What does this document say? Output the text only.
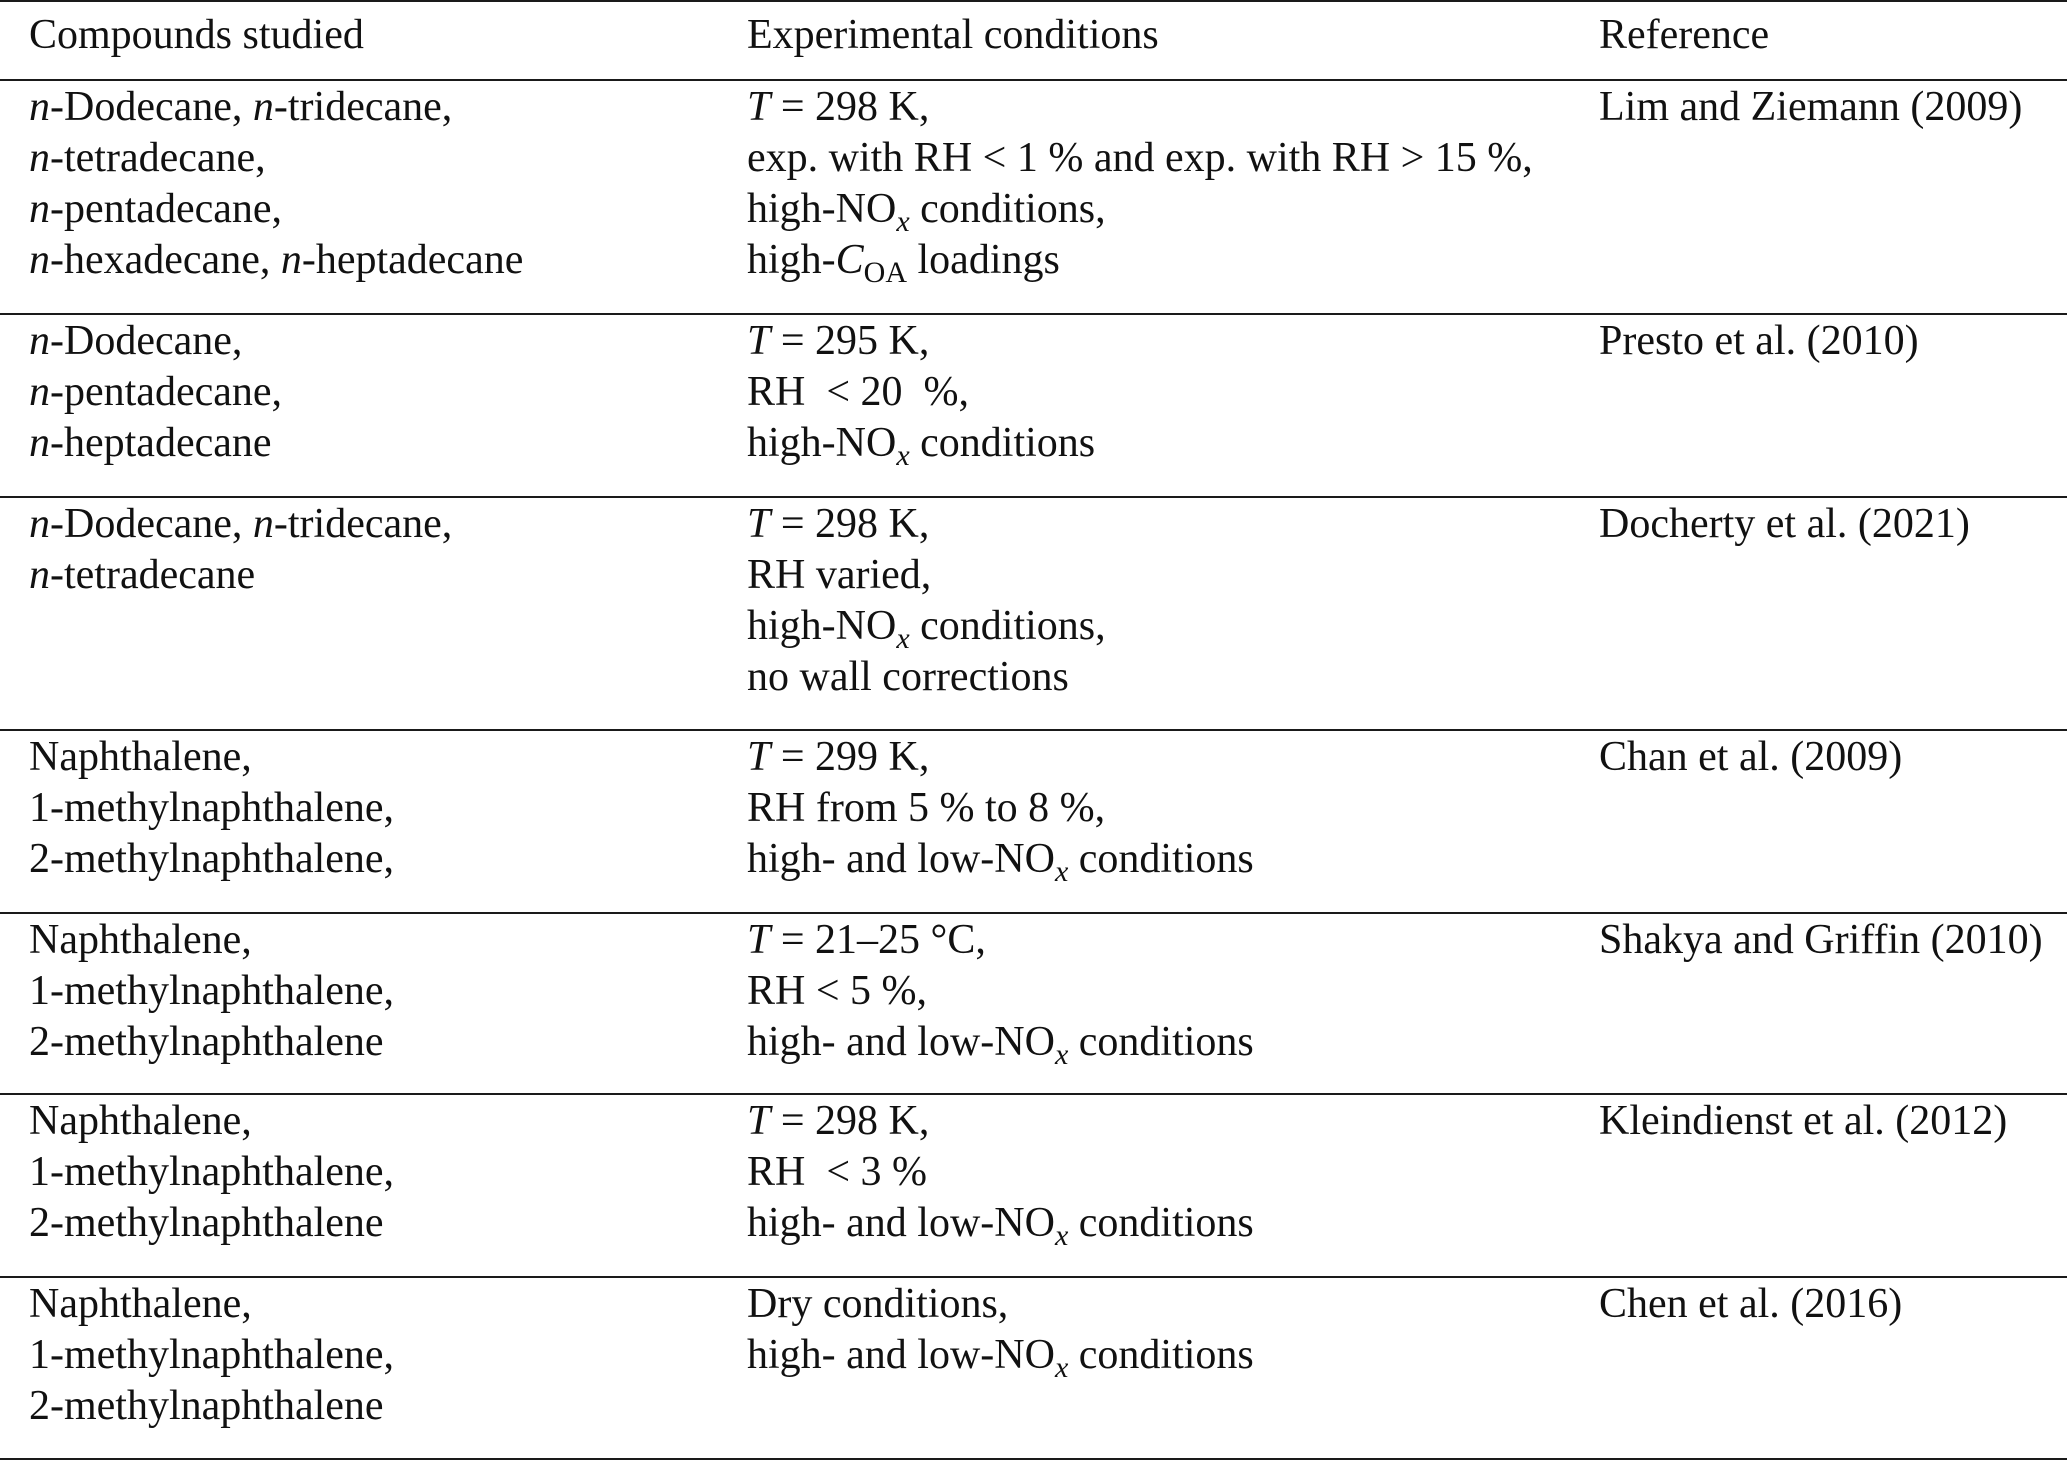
Compounds studied	Experimental conditions	Reference
n-Dodecane, n-tridecane,
n-tetradecane,
n-pentadecane,
n-hexadecane, n-heptadecane
T = 298 K,
exp. with RH < 1 % and exp. with RH > 15 %,
high-$NO_x$ conditions,
high-$C_{OA}$ loadings
Lim and Ziemann (2009)
n-Dodecane,
n-pentadecane,
n-heptadecane
T = 295 K,
RH  < 20  %,
high-$NO_x$ conditions
Presto et al. (2010)
n-Dodecane, n-tridecane,
n-tetradecane
T = 298 K,
RH varied,
high-$NO_x$ conditions,
no wall corrections
Docherty et al. (2021)
Naphthalene,
1-methylnaphthalene,
2-methylnaphthalene,
T = 299 K,
RH from 5 % to 8 %,
high- and low-$NO_x$ conditions
Chan et al. (2009)
Naphthalene,
1-methylnaphthalene,
2-methylnaphthalene
T = 21–25 °C,
RH < 5 %,
high- and low-$NO_x$ conditions
Shakya and Griffin (2010)
Naphthalene,
1-methylnaphthalene,
2-methylnaphthalene
T = 298 K,
RH  < 3 %
high- and low-$NO_x$ conditions
Kleindienst et al. (2012)
Naphthalene,
1-methylnaphthalene,
2-methylnaphthalene
Dry conditions,
high- and low-$NO_x$ conditions
Chen et al. (2016)
